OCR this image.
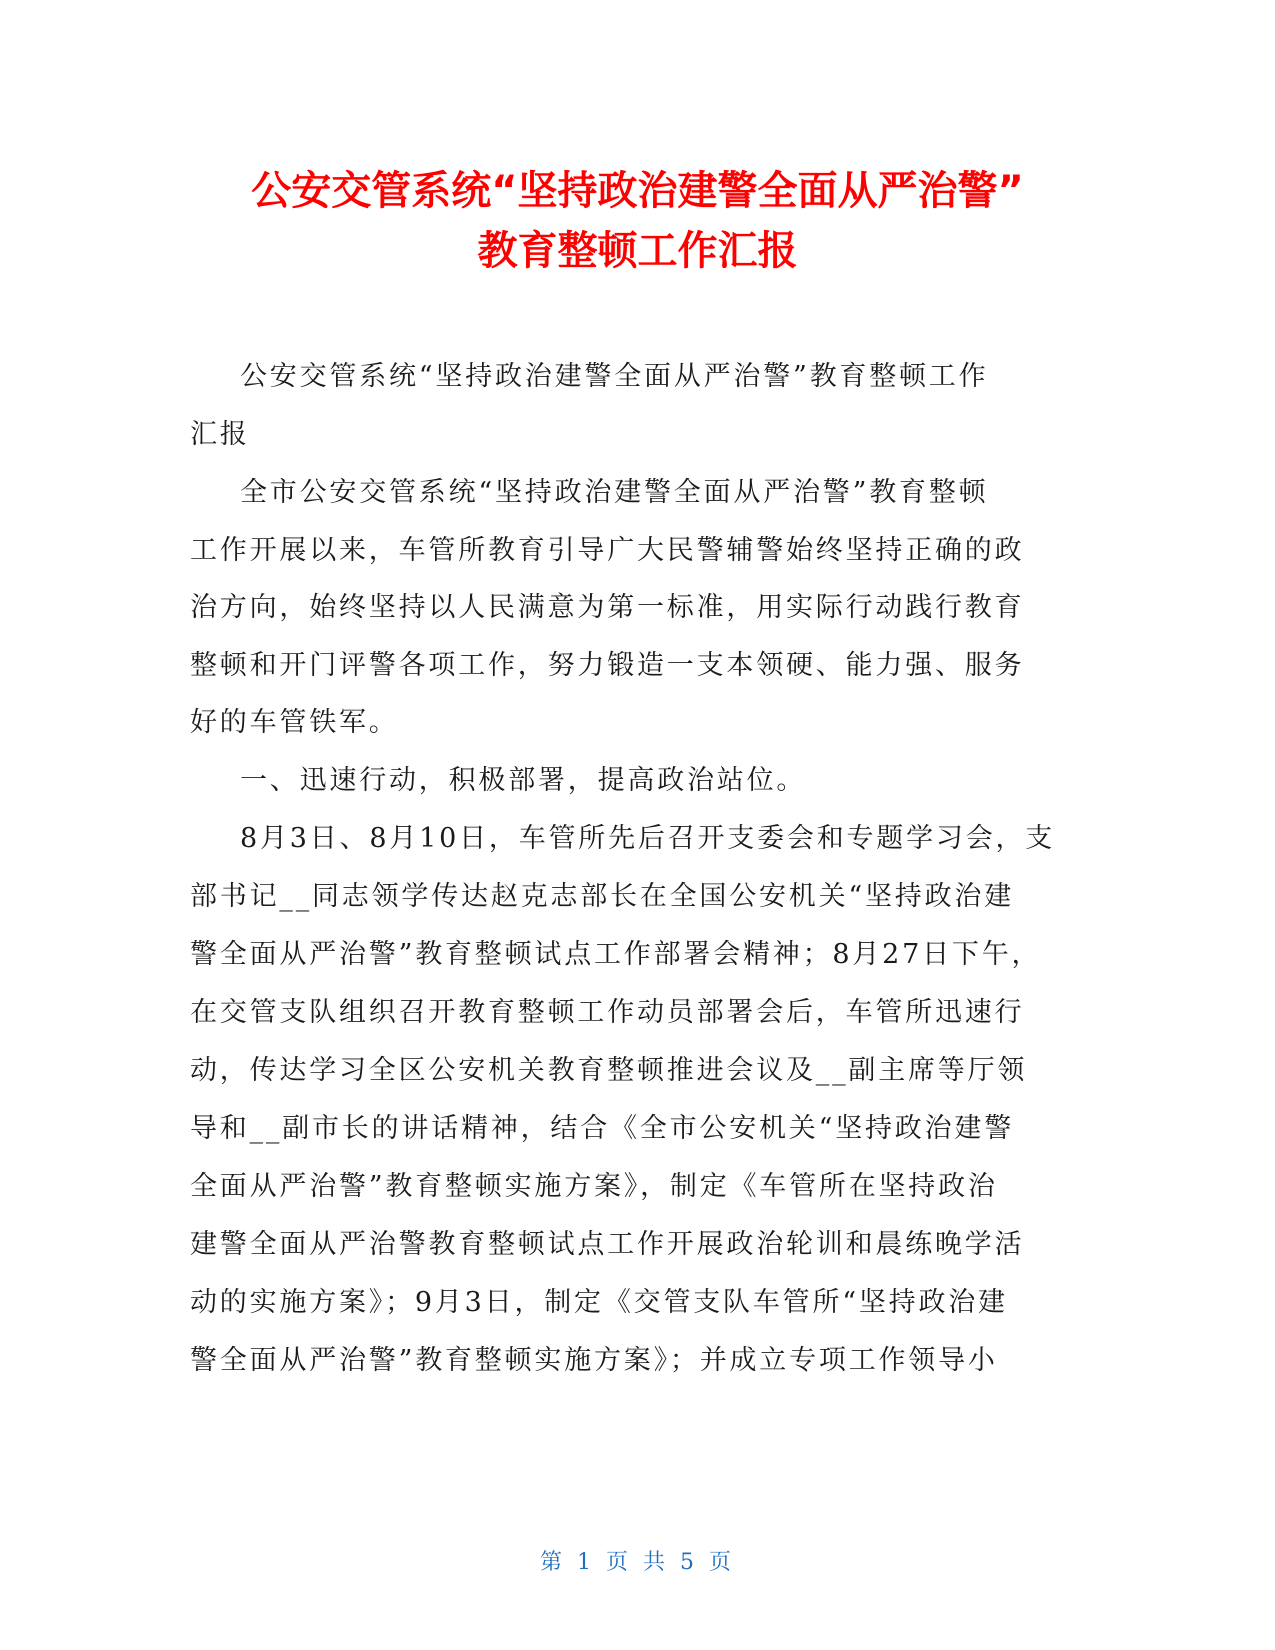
公安交管系统“坚持政治建警全面从严治警”
教育整顿工作汇报
公安交管系统“坚持政治建警全面从严治警”教育整顿工作
汇报
全市公安交管系统“坚持政治建警全面从严治警”教育整顿
工作开展以来，车管所教育引导广大民警辅警始终坚持正确的政
治方向，始终坚持以人民满意为第一标准，用实际行动践行教育
整顿和开门评警各项工作，努力锻造一支本领硬、能力强、服务
好的车管铁军。
一、迅速行动，积极部署，提高政治站位。
8月3日、8月10日，车管所先后召开支委会和专题学习会，支
部书记__同志领学传达赵克志部长在全国公安机关“坚持政治建
警全面从严治警”教育整顿试点工作部署会精神；8月27日下午，
在交管支队组织召开教育整顿工作动员部署会后，车管所迅速行
动，传达学习全区公安机关教育整顿推进会议及__副主席等厅领
导和__副市长的讲话精神，结合《全市公安机关“坚持政治建警
全面从严治警”教育整顿实施方案》，制定《车管所在坚持政治
建警全面从严治警教育整顿试点工作开展政治轮训和晨练晚学活
动的实施方案》；9月3日，制定《交管支队车管所“坚持政治建
警全面从严治警”教育整顿实施方案》；并成立专项工作领导小
第 1 页 共 5 页
